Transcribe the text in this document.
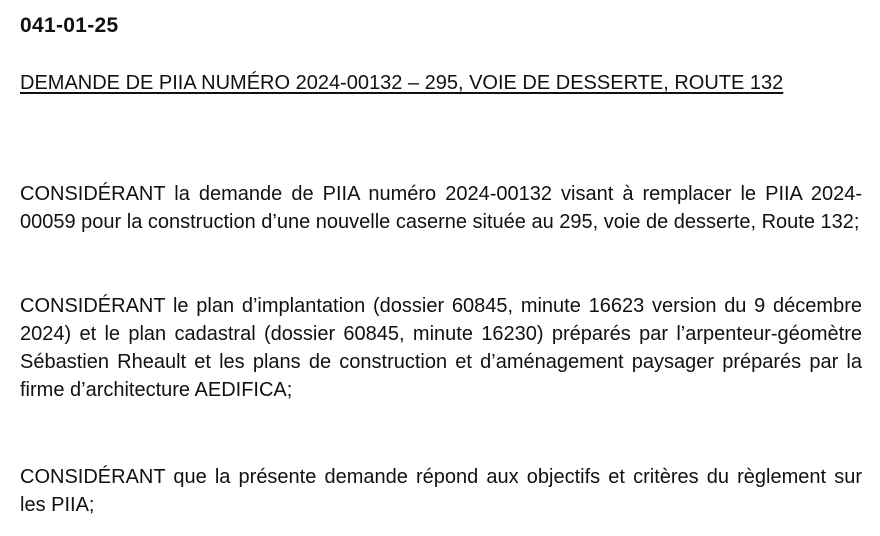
041-01-25

DEMANDE DE PIIA NUMÉRO 2024-00132 – 295, VOIE DE DESSERTE, ROUTE 132

CONSIDÉRANT la demande de PIIA numéro 2024-00132 visant à remplacer le PIIA 2024-00059 pour la construction d’une nouvelle caserne située au 295, voie de desserte, Route 132;

CONSIDÉRANT le plan d’implantation (dossier 60845, minute 16623 version du 9 décembre 2024) et le plan cadastral (dossier 60845, minute 16230) préparés par l’arpenteur-géomètre Sébastien Rheault et les plans de construction et d’aménagement paysager préparés par la firme d’architecture AEDIFICA;

CONSIDÉRANT que la présente demande répond aux objectifs et critères du règlement sur les PIIA;
